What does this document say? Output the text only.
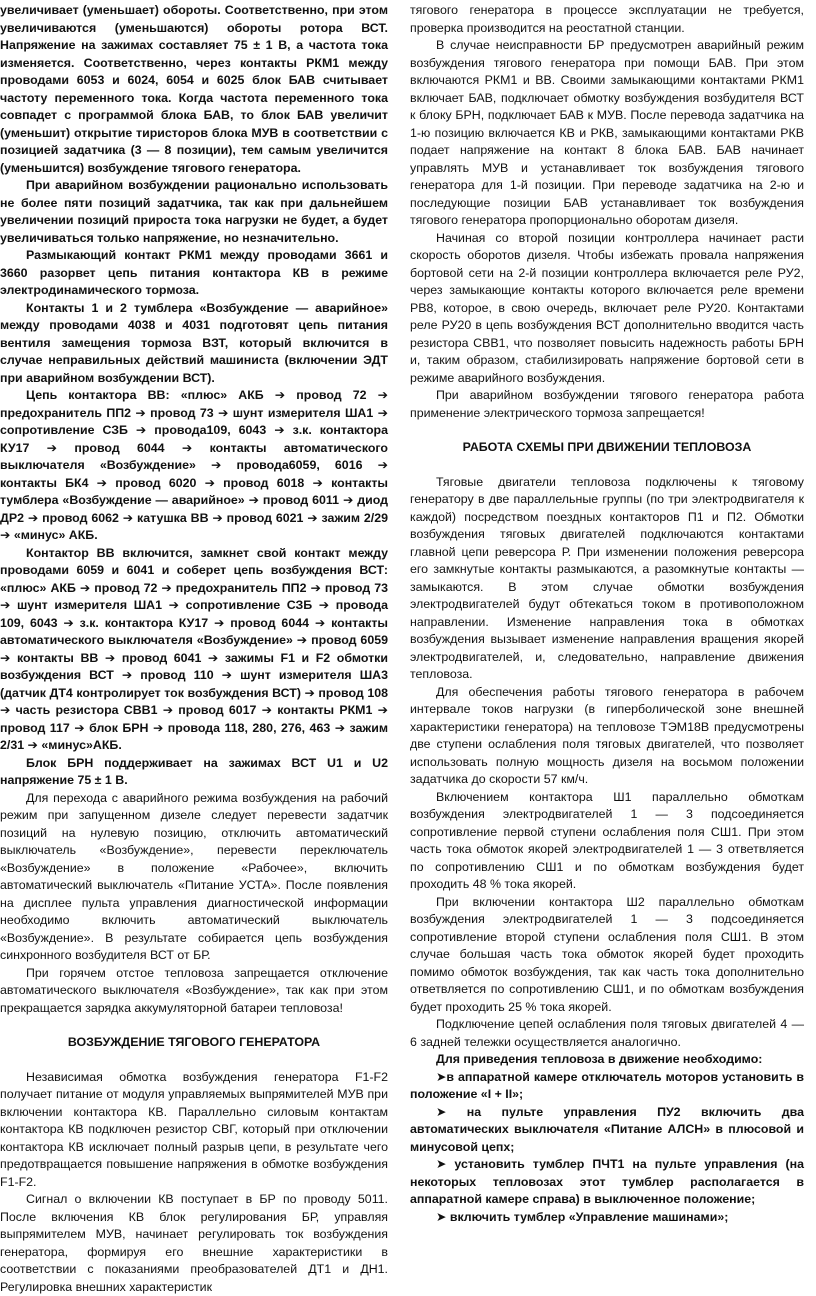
увеличивает (уменьшает) обороты. Соответственно, при этом увеличиваются (уменьшаются) обороты ротора ВСТ. Напряжение на зажимах составляет 75 ± 1 В, а частота тока изменяется. Соответственно, через контакты РКМ1 между проводами 6053 и 6024, 6054 и 6025 блок БАВ считывает частоту переменного тока. Когда частота переменного тока совпадет с программой блока БАВ, то блок БАВ увеличит (уменьшит) открытие тиристоров блока МУВ в соответствии с позицией задатчика (3 — 8 позиции), тем самым увеличится (уменьшится) возбуждение тягового генератора.

При аварийном возбуждении рационально использовать не более пяти позиций задатчика, так как при дальнейшем увеличении позиций прироста тока нагрузки не будет, а будет увеличиваться только напряжение, но незначительно.

Размыкающий контакт РКМ1 между проводами 3661 и 3660 разорвет цепь питания контактора КВ в режиме электродинамического тормоза.

Контакты 1 и 2 тумблера «Возбуждение — аварийное» между проводами 4038 и 4031 подготовят цепь питания вентиля замещения тормоза ВЗТ, который включится в случае неправильных действий машиниста (включении ЭДТ при аварийном возбуждении ВСТ).

Цепь контактора ВВ: «плюс» АКБ ➔ провод 72 ➔ предохранитель ПП2 ➔ провод 73 ➔ шунт измерителя ША1 ➔ сопротивление СЗБ ➔ провода109, 6043 ➔ з.к. контактора КУ17 ➔ провод 6044 ➔ контакты автоматического выключателя «Возбуждение» ➔ провода6059, 6016 ➔ контакты БК4 ➔ провод 6020 ➔ провод 6018 ➔ контакты тумблера «Возбуждение — аварийное» ➔ провод 6011 ➔ диод ДР2 ➔ провод 6062 ➔ катушка ВВ ➔ провод 6021 ➔ зажим 2/29 ➔ «минус» АКБ.

Контактор ВВ включится, замкнет свой контакт между проводами 6059 и 6041 и соберет цепь возбуждения ВСТ: «плюс» АКБ ➔ провод 72 ➔ предохранитель ПП2 ➔ провод 73 ➔ шунт измерителя ША1 ➔ сопротивление СЗБ ➔ провода 109, 6043 ➔ з.к. контактора КУ17 ➔ провод 6044 ➔ контакты автоматического выключателя «Возбуждение» ➔ провод 6059 ➔ контакты ВВ ➔ провод 6041 ➔ зажимы F1 и F2 обмотки возбуждения ВСТ ➔ провод 110 ➔ шунт измерителя ША3 (датчик ДТ4 контролирует ток возбуждения ВСТ) ➔ провод 108 ➔ часть резистора СВВ1 ➔ провод 6017 ➔ контакты РКМ1 ➔ провод 117 ➔ блок БРН ➔ провода 118, 280, 276, 463 ➔ зажим 2/31 ➔ «минус»АКБ.

Блок БРН поддерживает на зажимах ВСТ U1 и U2 напряжение 75 ± 1 В.

Для перехода с аварийного режима возбуждения на рабочий режим при запущенном дизеле следует перевести задатчик позиций на нулевую позицию, отключить автоматический выключатель «Возбуждение», перевести переключатель «Возбуждение» в положение «Рабочее», включить автоматический выключатель «Питание УСТА». После появления на дисплее пульта управления диагностической информации необходимо включить автоматический выключатель «Возбуждение». В результате собирается цепь возбуждения синхронного возбудителя ВСТ от БР.

При горячем отстое тепловоза запрещается отключение автоматического выключателя «Возбуждение», так как при этом прекращается зарядка аккумуляторной батареи тепловоза!

ВОЗБУЖДЕНИЕ ТЯГОВОГО ГЕНЕРАТОРА

Независимая обмотка возбуждения генератора F1-F2 получает питание от модуля управляемых выпрямителей МУВ при включении контактора КВ. Параллельно силовым контактам контактора КВ подключен резистор СВГ, который при отключении контактора КВ исключает полный разрыв цепи, в результате чего предотвращается повышение напряжения в обмотке возбуждения F1-F2.

Сигнал о включении КВ поступает в БР по проводу 5011. После включения КВ блок регулирования БР, управляя выпрямителем МУВ, начинает регулировать ток возбуждения генератора, формируя его внешние характеристики в соответствии с показаниями преобразователей ДТ1 и ДН1. Регулировка внешних характеристик

тягового генератора в процессе эксплуатации не требуется, проверка производится на реостатной станции.

В случае неисправности БР предусмотрен аварийный режим возбуждения тягового генератора при помощи БАВ. При этом включаются РКМ1 и ВВ. Своими замыкающими контактами РКМ1 включает БАВ, подключает обмотку возбуждения возбудителя ВСТ к блоку БРН, подключает БАВ к МУВ. После перевода задатчика на 1-ю позицию включается КВ и РКВ, замыкающими контактами РКВ подает напряжение на контакт 8 блока БАВ. БАВ начинает управлять МУВ и устанавливает ток возбуждения тягового генератора для 1-й позиции. При переводе задатчика на 2-ю и последующие позиции БАВ устанавливает ток возбуждения тягового генератора пропорционально оборотам дизеля.

Начиная со второй позиции контроллера начинает расти скорость оборотов дизеля. Чтобы избежать провала напряжения бортовой сети на 2-й позиции контроллера включается реле РУ2, через замыкающие контакты которого включается реле времени РВ8, которое, в свою очередь, включает реле РУ20. Контактами реле РУ20 в цепь возбуждения ВСТ дополнительно вводится часть резистора СВВ1, что позволяет повысить надежность работы БРН и, таким образом, стабилизировать напряжение бортовой сети в режиме аварийного возбуждения.

При аварийном возбуждении тягового генератора работа применение электрического тормоза запрещается!

РАБОТА СХЕМЫ ПРИ ДВИЖЕНИИ ТЕПЛОВОЗА

Тяговые двигатели тепловоза подключены к тяговому генератору в две параллельные группы (по три электродвигателя к каждой) посредством поездных контакторов П1 и П2. Обмотки возбуждения тяговых двигателей подключаются контактами главной цепи реверсора Р. При изменении положения реверсора его замкнутые контакты размыкаются, а разомкнутые контакты — замыкаются. В этом случае обмотки возбуждения электродвигателей будут обтекаться током в противоположном направлении. Изменение направления тока в обмотках возбуждения вызывает изменение направления вращения якорей электродвигателей, и, следовательно, направление движения тепловоза.

Для обеспечения работы тягового генератора в рабочем интервале токов нагрузки (в гиперболической зоне внешней характеристики генератора) на тепловозе ТЭМ18В предусмотрены две ступени ослабления поля тяговых двигателей, что позволяет использовать полную мощность дизеля на восьмом положении задатчика до скорости 57 км/ч.

Включением контактора Ш1 параллельно обмоткам возбуждения электродвигателей 1 — 3 подсоединяется сопротивление первой ступени ослабления поля СШ1. При этом часть тока обмоток якорей электродвигателей 1 — 3 ответвляется по сопротивлению СШ1 и по обмоткам возбуждения будет проходить 48 % тока якорей.

При включении контактора Ш2 параллельно обмоткам возбуждения электродвигателей 1 — 3 подсоединяется сопротивление второй ступени ослабления поля СШ1. В этом случае большая часть тока обмоток якорей будет проходить помимо обмоток возбуждения, так как часть тока дополнительно ответвляется по сопротивлению СШ1, и по обмоткам возбуждения будет проходить 25 % тока якорей.

Подключение цепей ослабления поля тяговых двигателей 4 — 6 задней тележки осуществляется аналогично.

Для приведения тепловоза в движение необходимо:

➤в аппаратной камере отключатель моторов установить в положение «I + II»;

➤ на пульте управления ПУ2 включить два автоматических выключателя «Питание АЛСН» в плюсовой и минусовой цепх;

➤ установить тумблер ПЧТ1 на пульте управления (на некоторых тепловозах этот тумблер располагается в аппаратной камере справа) в выключенное положение;

➤ включить тумблер «Управление машинами»;
